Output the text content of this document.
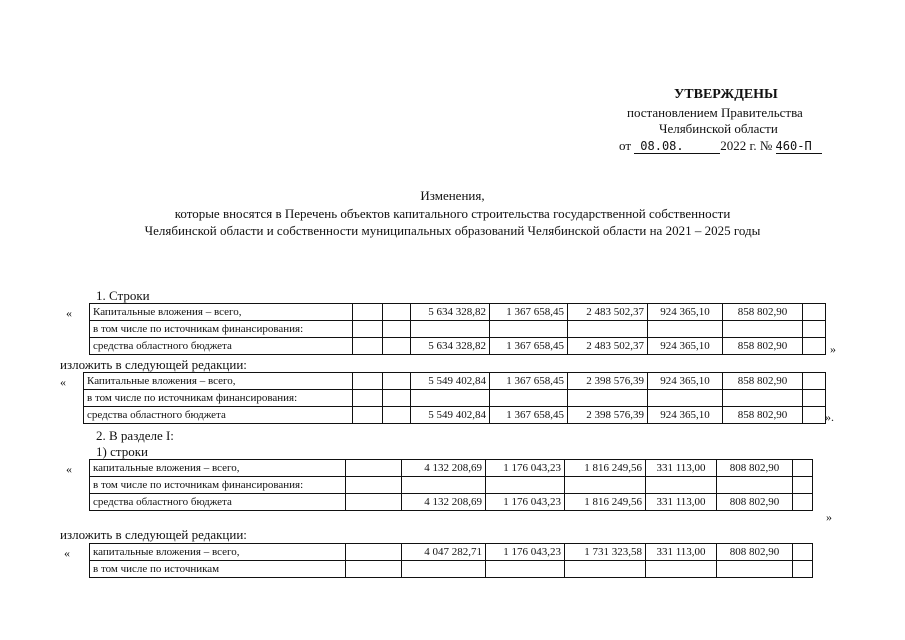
УТВЕРЖДЕНЫ
постановлением Правительства
Челябинской области
от 08.08.	2022 г. № 460-П
Изменения,
которые вносятся в Перечень объектов капитального строительства государственной собственности
Челябинской области и собственности муниципальных образований Челябинской области на 2021 – 2025 годы
1. Строки
« Капитальные вложения – всего,			5 634 328,82	1 367 658,45	2 483 502,37	924 365,10	858 802,90	
в том числе по источникам финансирования:								
средства областного бюджета			5 634 328,82	1 367 658,45	2 483 502,37	924 365,10	858 802,90		»
изложить в следующей редакции:
« Капитальные вложения – всего,			5 549 402,84	1 367 658,45	2 398 576,39	924 365,10	858 802,90	
в том числе по источникам финансирования:								
средства областного бюджета			5 549 402,84	1 367 658,45	2 398 576,39	924 365,10	858 802,90		».
2. В разделе I:
1) строки
« капитальные вложения – всего,		4 132 208,69	1 176 043,23	1 816 249,56	331 113,00	808 802,90	
в том числе по источникам финансирования:							
средства областного бюджета		4 132 208,69	1 176 043,23	1 816 249,56	331 113,00	808 802,90	
»
изложить в следующей редакции:
« капитальные вложения – всего,		4 047 282,71	1 176 043,23	1 731 323,58	331 113,00	808 802,90	
в том числе по источникам							
